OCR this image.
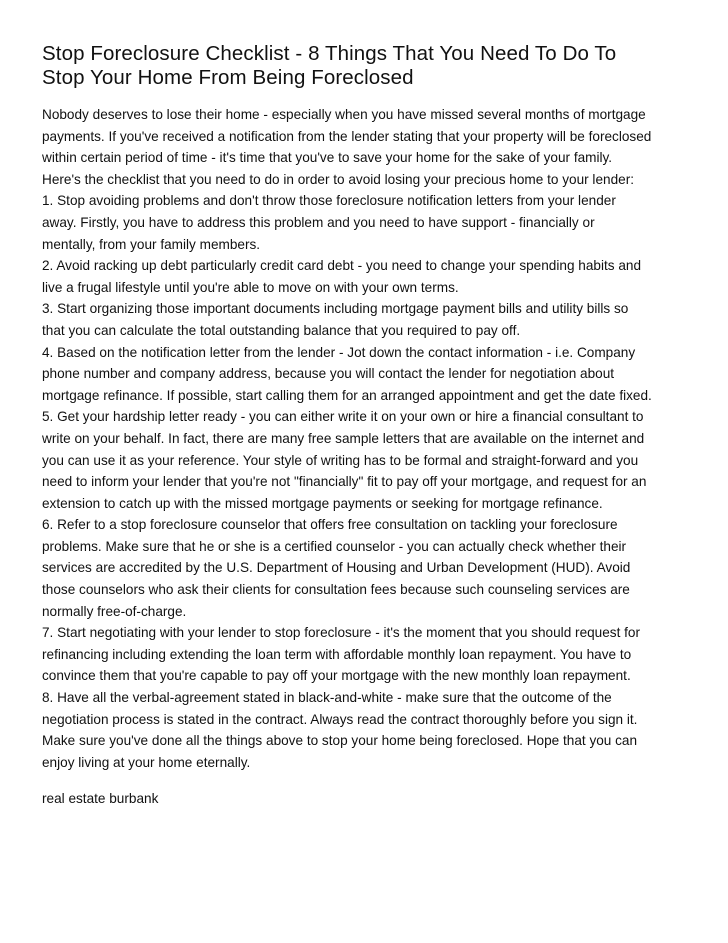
Stop Foreclosure Checklist - 8 Things That You Need To Do To
Stop Your Home From Being Foreclosed
Nobody deserves to lose their home - especially when you have missed several months of mortgage
payments. If you've received a notification from the lender stating that your property will be foreclosed
within certain period of time - it's time that you've to save your home for the sake of your family.
Here's the checklist that you need to do in order to avoid losing your precious home to your lender:
1. Stop avoiding problems and don't throw those foreclosure notification letters from your lender
away. Firstly, you have to address this problem and you need to have support - financially or
mentally, from your family members.
2. Avoid racking up debt particularly credit card debt - you need to change your spending habits and
live a frugal lifestyle until you're able to move on with your own terms.
3. Start organizing those important documents including mortgage payment bills and utility bills so
that you can calculate the total outstanding balance that you required to pay off.
4. Based on the notification letter from the lender - Jot down the contact information - i.e. Company
phone number and company address, because you will contact the lender for negotiation about
mortgage refinance. If possible, start calling them for an arranged appointment and get the date fixed.
5. Get your hardship letter ready - you can either write it on your own or hire a financial consultant to
write on your behalf. In fact, there are many free sample letters that are available on the internet and
you can use it as your reference. Your style of writing has to be formal and straight-forward and you
need to inform your lender that you're not "financially" fit to pay off your mortgage, and request for an
extension to catch up with the missed mortgage payments or seeking for mortgage refinance.
6. Refer to a stop foreclosure counselor that offers free consultation on tackling your foreclosure
problems. Make sure that he or she is a certified counselor - you can actually check whether their
services are accredited by the U.S. Department of Housing and Urban Development (HUD). Avoid
those counselors who ask their clients for consultation fees because such counseling services are
normally free-of-charge.
7. Start negotiating with your lender to stop foreclosure - it's the moment that you should request for
refinancing including extending the loan term with affordable monthly loan repayment. You have to
convince them that you're capable to pay off your mortgage with the new monthly loan repayment.
8. Have all the verbal-agreement stated in black-and-white - make sure that the outcome of the
negotiation process is stated in the contract. Always read the contract thoroughly before you sign it.
Make sure you've done all the things above to stop your home being foreclosed. Hope that you can
enjoy living at your home eternally.
real estate burbank
